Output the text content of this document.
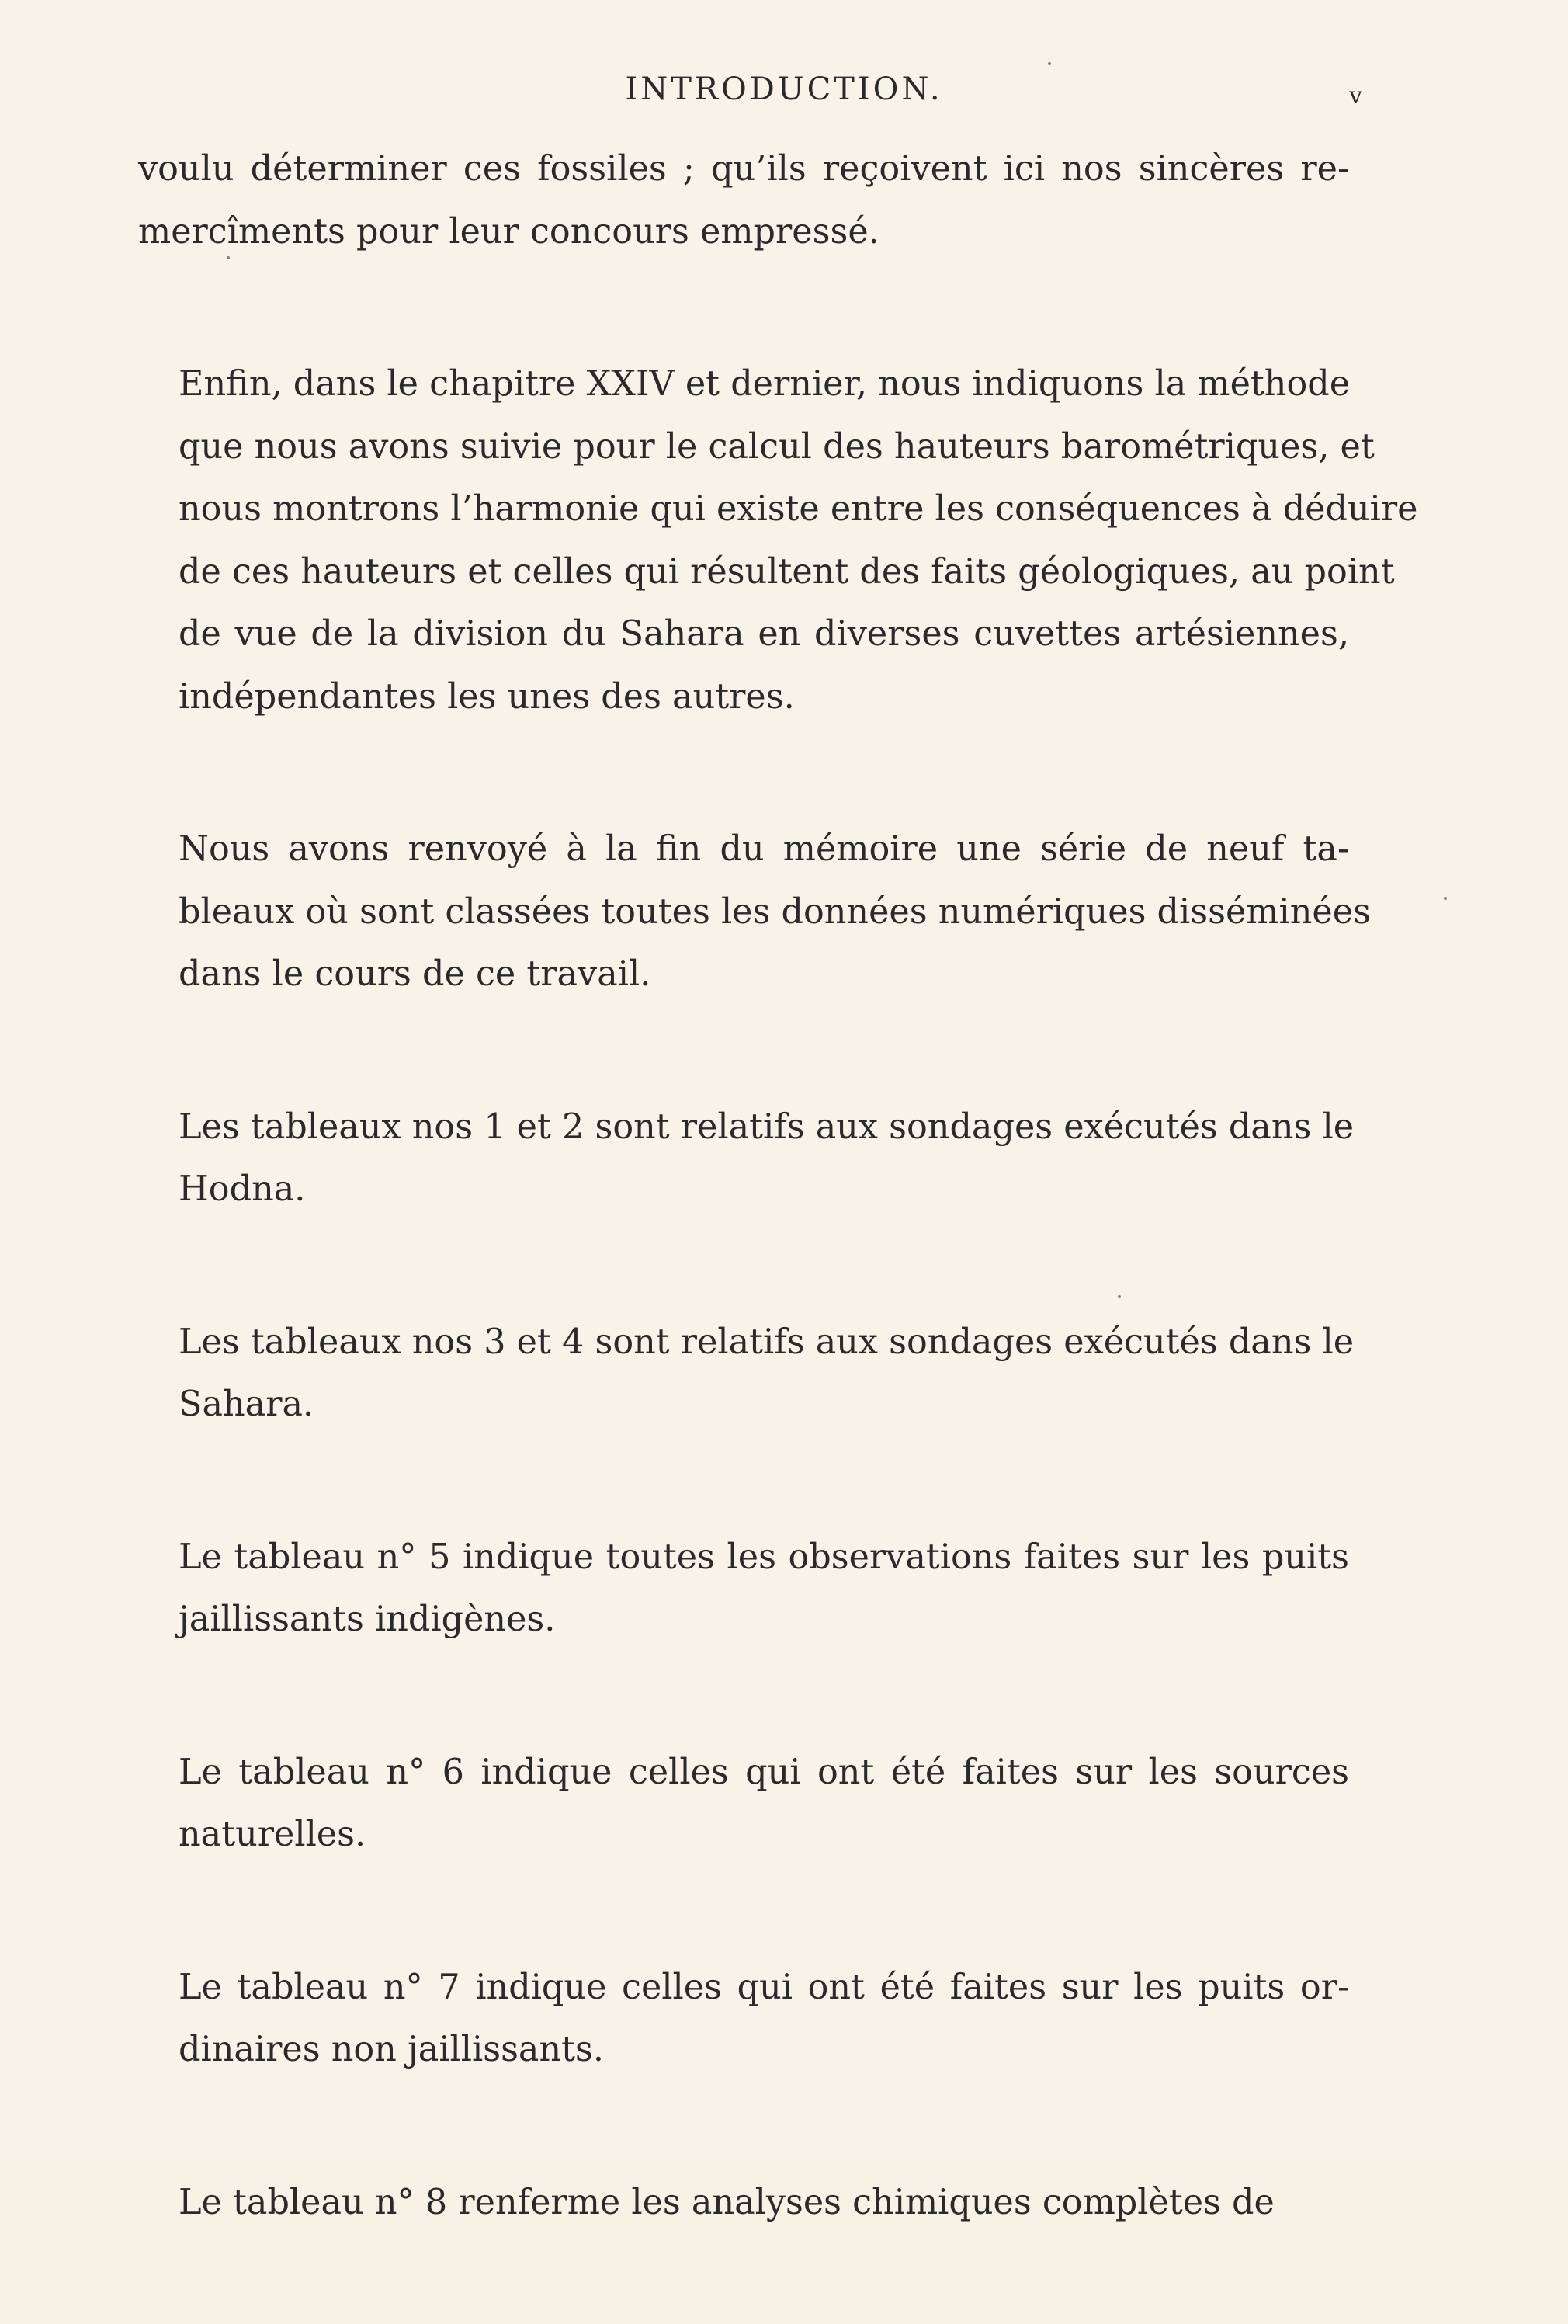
INTRODUCTION.	v

voulu déterminer ces fossiles ; qu’ils reçoivent ici nos sincères re-
mercîments pour leur concours empressé.

Enfin, dans le chapitre XXIV et dernier, nous indiquons la méthode
que nous avons suivie pour le calcul des hauteurs barométriques, et
nous montrons l’harmonie qui existe entre les conséquences à déduire
de ces hauteurs et celles qui résultent des faits géologiques, au point
de vue de la division du Sahara en diverses cuvettes artésiennes,
indépendantes les unes des autres.

Nous avons renvoyé à la fin du mémoire une série de neuf ta-
bleaux où sont classées toutes les données numériques disséminées
dans le cours de ce travail.

Les tableaux nos 1 et 2 sont relatifs aux sondages exécutés dans le
Hodna.

Les tableaux nos 3 et 4 sont relatifs aux sondages exécutés dans le
Sahara.

Le tableau n° 5 indique toutes les observations faites sur les puits
jaillissants indigènes.

Le tableau n° 6 indique celles qui ont été faites sur les sources
naturelles.

Le tableau n° 7 indique celles qui ont été faites sur les puits or-
dinaires non jaillissants.

Le tableau n° 8 renferme les analyses chimiques complètes de
